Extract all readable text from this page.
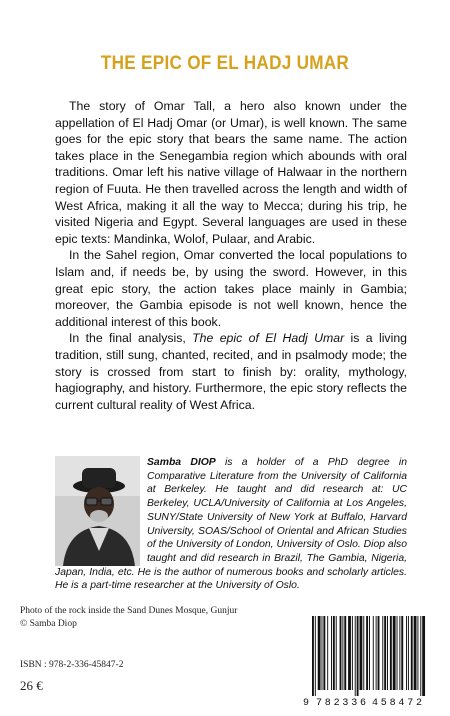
THE EPIC OF EL HADJ UMAR

The story of Omar Tall, a hero also known under the appellation of El Hadj Omar (or Umar), is well known. The same goes for the epic story that bears the same name. The action takes place in the Senegambia region which abounds with oral traditions. Omar left his native village of Halwaar in the northern region of Fuuta. He then travelled across the length and width of West Africa, making it all the way to Mecca; during his trip, he visited Nigeria and Egypt. Several languages are used in these epic texts: Mandinka, Wolof, Pulaar, and Arabic.

In the Sahel region, Omar converted the local populations to Islam and, if needs be, by using the sword. However, in this great epic story, the action takes place mainly in Gambia; moreover, the Gambia episode is not well known, hence the additional interest of this book.

In the final analysis, The epic of El Hadj Umar is a living tradition, still sung, chanted, recited, and in psalmody mode; the story is crossed from start to finish by: orality, mythology, hagiography, and history. Furthermore, the epic story reflects the current cultural reality of West Africa.

Samba DIOP is a holder of a PhD degree in Comparative Literature from the University of California at Berkeley. He taught and did research at: UC Berkeley, UCLA/University of California at Los Angeles, SUNY/State University of New York at Buffalo, Harvard University, SOAS/School of Oriental and African Studies of the University of London, University of Oslo. Diop also taught and did research in Brazil, The Gambia, Nigeria, Japan, India, etc. He is the author of numerous books and scholarly articles. He is a part-time researcher at the University of Oslo.
Photo of the rock inside the Sand Dunes Mosque, Gunjur
© Samba Diop
ISBN : 978-2-336-45847-2
26 €
9 782336 458472
